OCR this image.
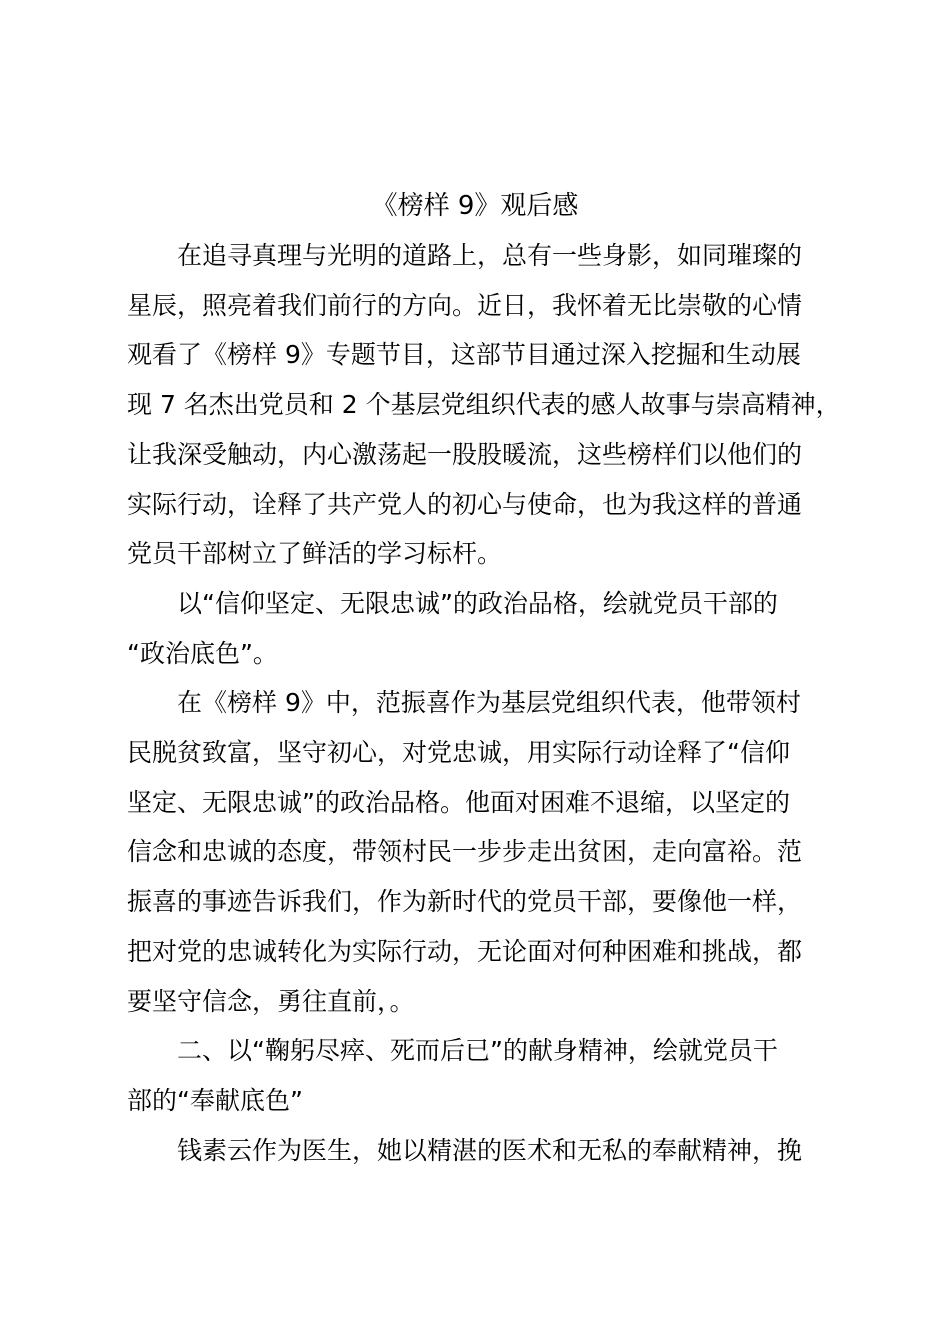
《榜样 9》观后感
在追寻真理与光明的道路上，总有一些身影，如同璀璨的
星辰，照亮着我们前行的方向。近日，我怀着无比崇敬的心情
观看了《榜样 9》专题节目，这部节目通过深入挖掘和生动展
现 7 名杰出党员和 2 个基层党组织代表的感人故事与崇高精神，
让我深受触动，内心激荡起一股股暖流，这些榜样们以他们的
实际行动，诠释了共产党人的初心与使命，也为我这样的普通
党员干部树立了鲜活的学习标杆。
以“信仰坚定、无限忠诚”的政治品格，绘就党员干部的
“政治底色”。
在《榜样 9》中，范振喜作为基层党组织代表，他带领村
民脱贫致富，坚守初心，对党忠诚，用实际行动诠释了“信仰
坚定、无限忠诚”的政治品格。他面对困难不退缩，以坚定的
信念和忠诚的态度，带领村民一步步走出贫困，走向富裕。范
振喜的事迹告诉我们，作为新时代的党员干部，要像他一样，
把对党的忠诚转化为实际行动，无论面对何种困难和挑战，都
要坚守信念，勇往直前，。
二、以“鞠躬尽瘁、死而后已”的献身精神，绘就党员干
部的“奉献底色”
钱素云作为医生，她以精湛的医术和无私的奉献精神，挽
